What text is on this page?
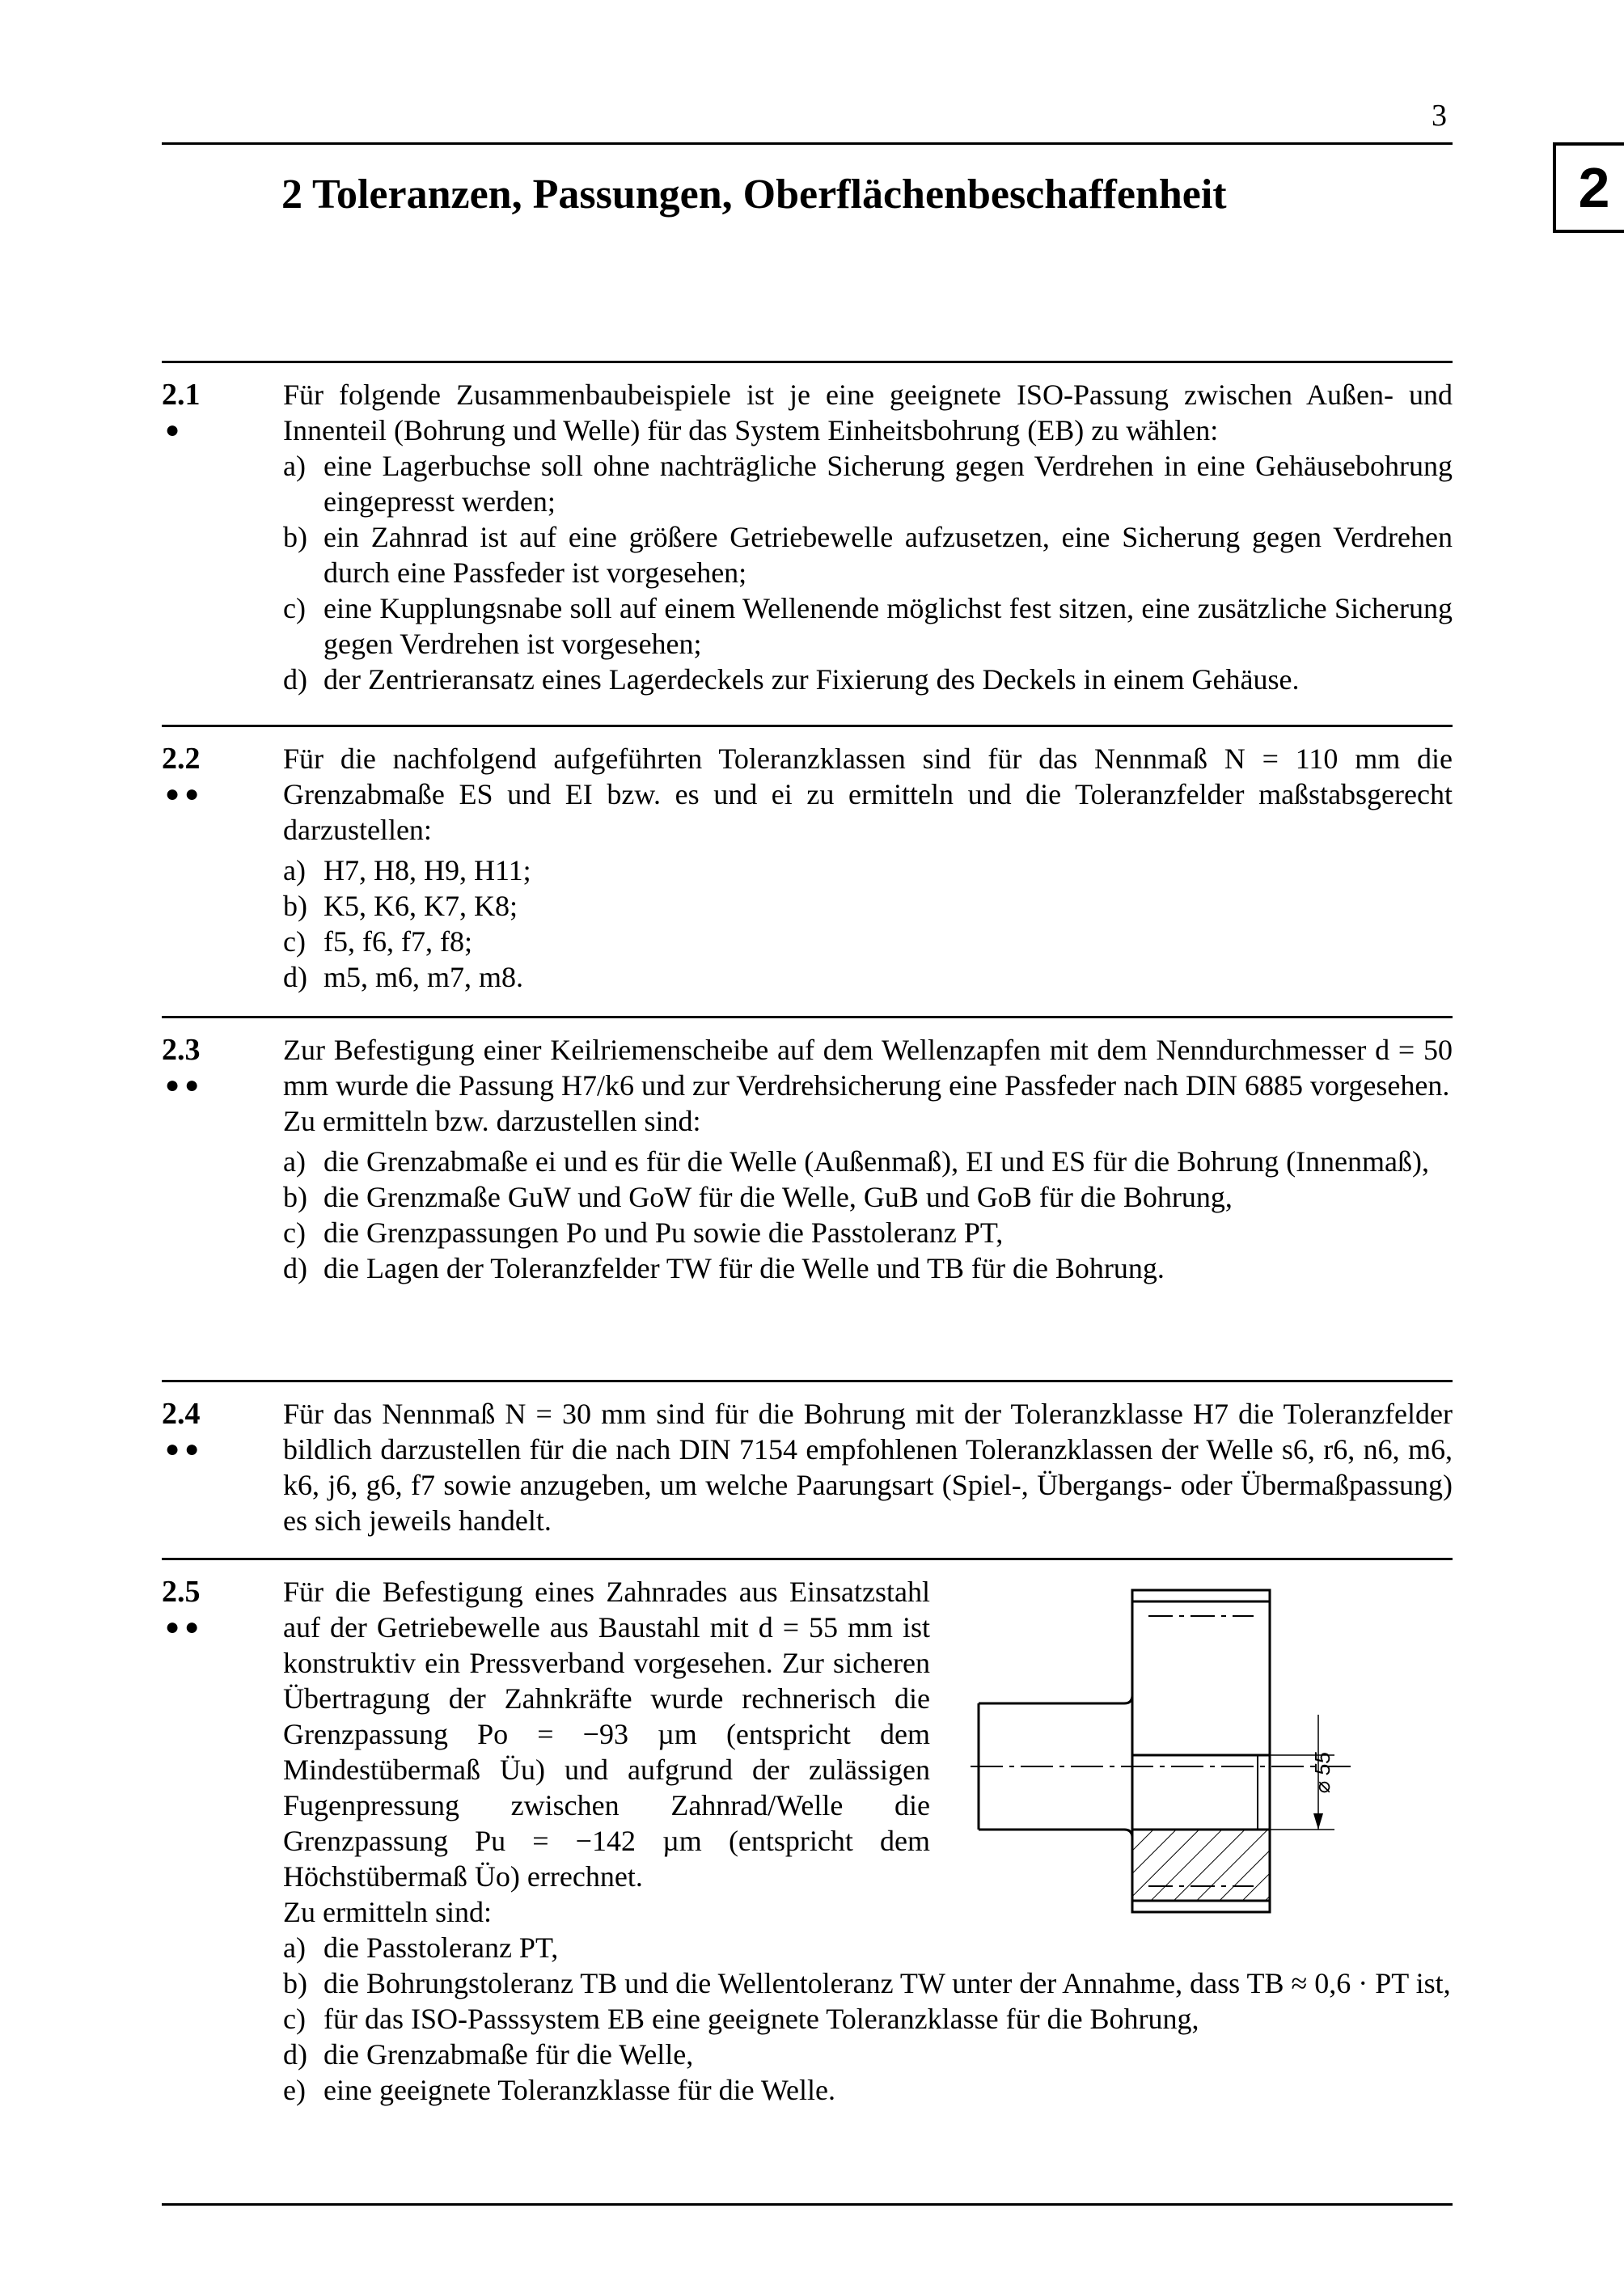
3
2 Toleranzen, Passungen, Oberflächenbeschaffenheit	2
2.1
●

Für folgende Zusammenbaubeispiele ist je eine geeignete ISO-Passung zwischen Außen- und Innenteil (Bohrung und Welle) für das System Einheitsbohrung (EB) zu wählen:

a) eine Lagerbuchse soll ohne nachträgliche Sicherung gegen Verdrehen in eine Gehäusebohrung eingepresst werden;
b) ein Zahnrad ist auf eine größere Getriebewelle aufzusetzen, eine Sicherung gegen Verdrehen durch eine Passfeder ist vorgesehen;
c) eine Kupplungsnabe soll auf einem Wellenende möglichst fest sitzen, eine zusätzliche Sicherung gegen Verdrehen ist vorgesehen;
d) der Zentrieransatz eines Lagerdeckels zur Fixierung des Deckels in einem Gehäuse.
2.2
●●

Für die nachfolgend aufgeführten Toleranzklassen sind für das Nennmaß N = 110 mm die Grenzabmaße ES und EI bzw. es und ei zu ermitteln und die Toleranzfelder maßstabsgerecht darzustellen:

a) H7, H8, H9, H11;
b) K5, K6, K7, K8;
c) f5, f6, f7, f8;
d) m5, m6, m7, m8.
2.3
●●

Zur Befestigung einer Keilriemenscheibe auf dem Wellenzapfen mit dem Nenndurchmesser d = 50 mm wurde die Passung H7/k6 und zur Verdrehsicherung eine Passfeder nach DIN 6885 vorgesehen.

Zu ermitteln bzw. darzustellen sind:

a) die Grenzabmaße ei und es für die Welle (Außenmaß), EI und ES für die Bohrung (Innenmaß),
b) die Grenzmaße GuW und GoW für die Welle, GuB und GoB für die Bohrung,
c) die Grenzpassungen Po und Pu sowie die Passtoleranz PT,
d) die Lagen der Toleranzfelder TW für die Welle und TB für die Bohrung.
2.4
●●

Für das Nennmaß N = 30 mm sind für die Bohrung mit der Toleranzklasse H7 die Toleranzfelder bildlich darzustellen für die nach DIN 7154 empfohlenen Toleranzklassen der Welle s6, r6, n6, m6, k6, j6, g6, f7 sowie anzugeben, um welche Paarungsart (Spiel-, Übergangs- oder Übermaßpassung) es sich jeweils handelt.

2.5
●●

Für die Befestigung eines Zahnrades aus Einsatzstahl auf der Getriebewelle aus Baustahl mit d = 55 mm ist konstruktiv ein Pressverband vorgesehen. Zur sicheren Übertragung der Zahnkräfte wurde rechnerisch die Grenzpassung Po = −93 µm (entspricht dem Mindestübermaß Üu) und aufgrund der zulässigen Fugenpressung zwischen Zahnrad/Welle die Grenzpassung Pu = −142 µm (entspricht dem Höchstübermaß Üo) errechnet.

Zu ermitteln sind:

a) die Passtoleranz PT,
b) die Bohrungstoleranz TB und die Wellentoleranz TW unter der Annahme, dass TB ≈ 0,6 · PT ist,
c) für das ISO-Passsystem EB eine geeignete Toleranzklasse für die Bohrung,
d) die Grenzabmaße für die Welle,
e) eine geeignete Toleranzklasse für die Welle.
⌀ 55
